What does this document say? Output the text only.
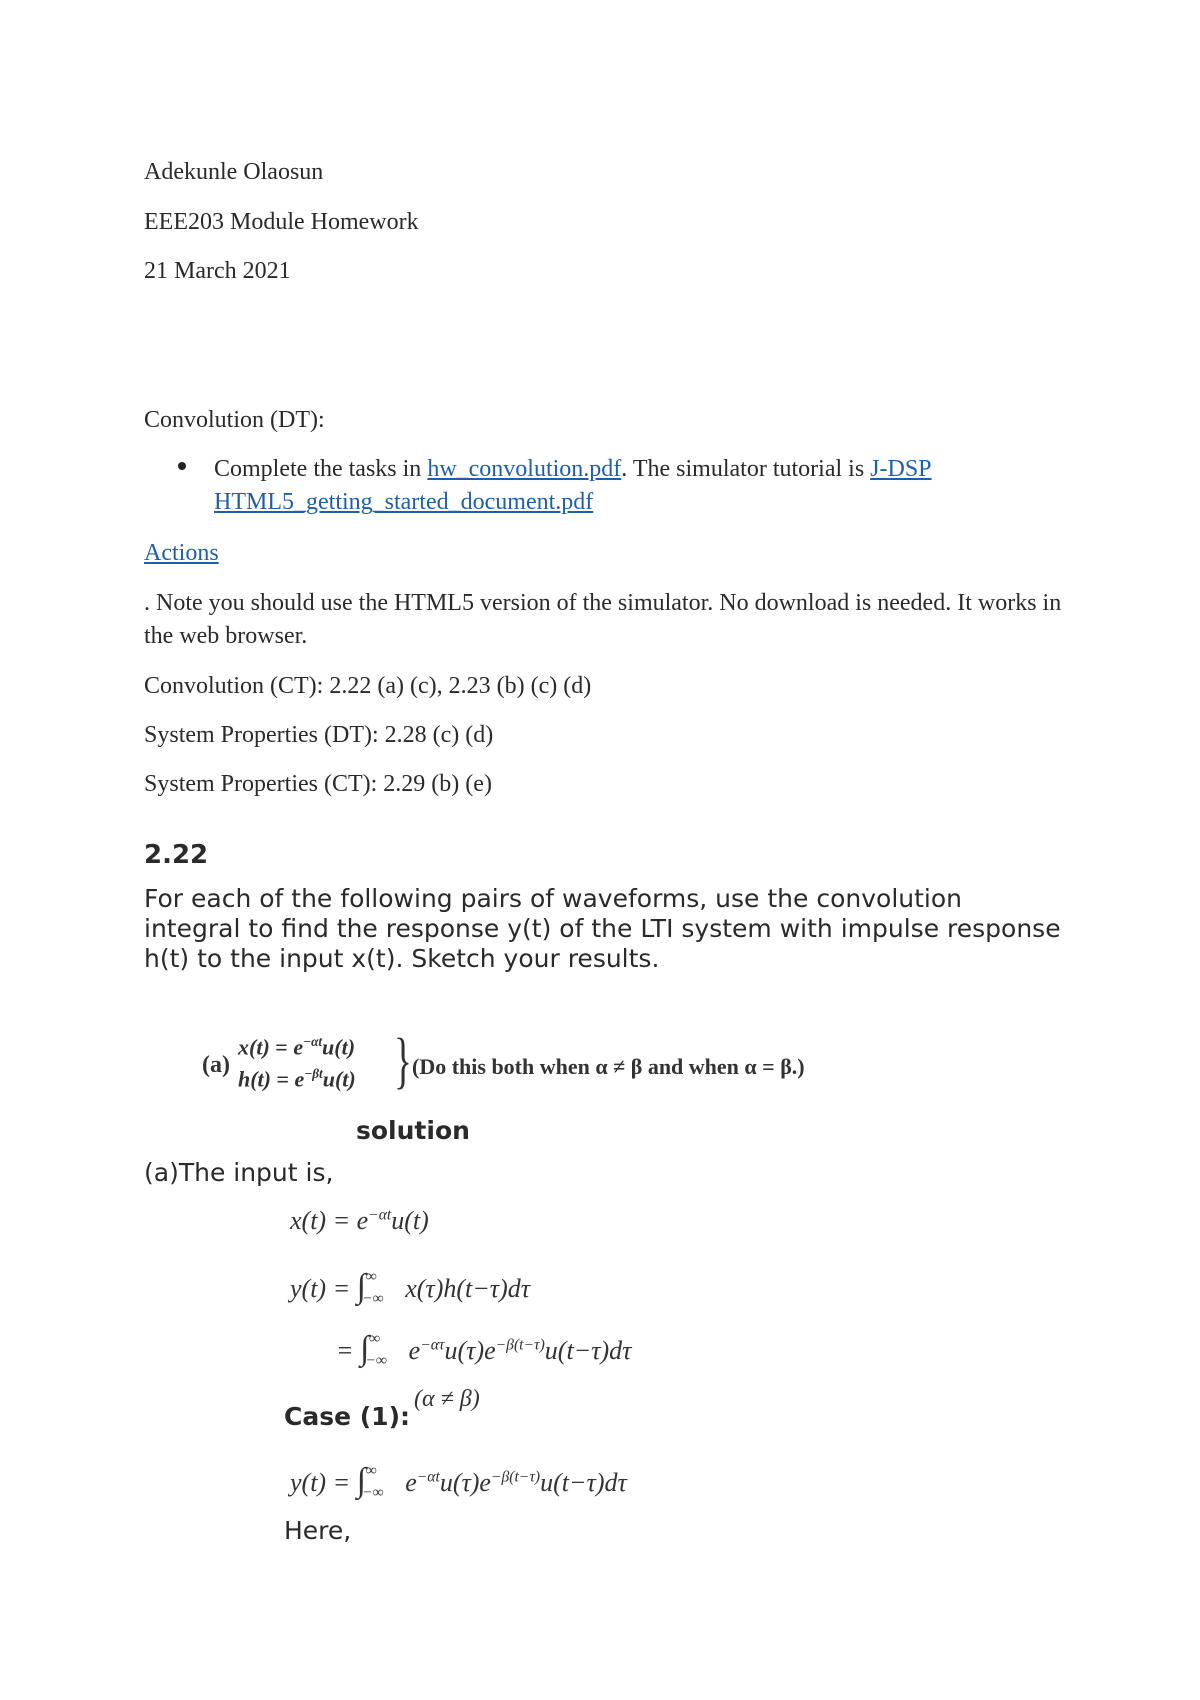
Adekunle Olaosun
EEE203 Module Homework
21 March 2021
Convolution (DT):
Complete the tasks in hw_convolution.pdf. The simulator tutorial is J-DSP
HTML5_getting_started_document.pdf
Actions
. Note you should use the HTML5 version of the simulator. No download is needed. It works in the web browser.
Convolution (CT): 2.22 (a) (c), 2.23 (b) (c) (d)
System Properties (DT): 2.28 (c) (d)
System Properties (CT): 2.29 (b) (e)
2.22
For each of the following pairs of waveforms, use the convolution integral to find the response y(t) of the LTI system with impulse response h(t) to the input x(t). Sketch your results.
(a)
$x(t) = e^{-\alpha t}u(t)$
$h(t) = e^{-\beta t}u(t)$ } (Do this both when α ≠ β and when α = β.)
solution
(a)The input is,
$x(t) = e^{-\alpha t}u(t)$
$y(t) = \int_{-\infty}^\infty$ x(τ)h(t−τ)dτ
= $\int_{-\infty}^\infty$ $e^{-\alpha\tau}u(\tau)e^{-\beta(t-\tau)}u(t-\tau)d\tau$
Case (1):
(α ≠ β)
$y(t) = \int_{-\infty}^\infty$ $e^{-\alpha t}u(\tau)e^{-\beta(t-\tau)}u(t-\tau)d\tau$
Here,
